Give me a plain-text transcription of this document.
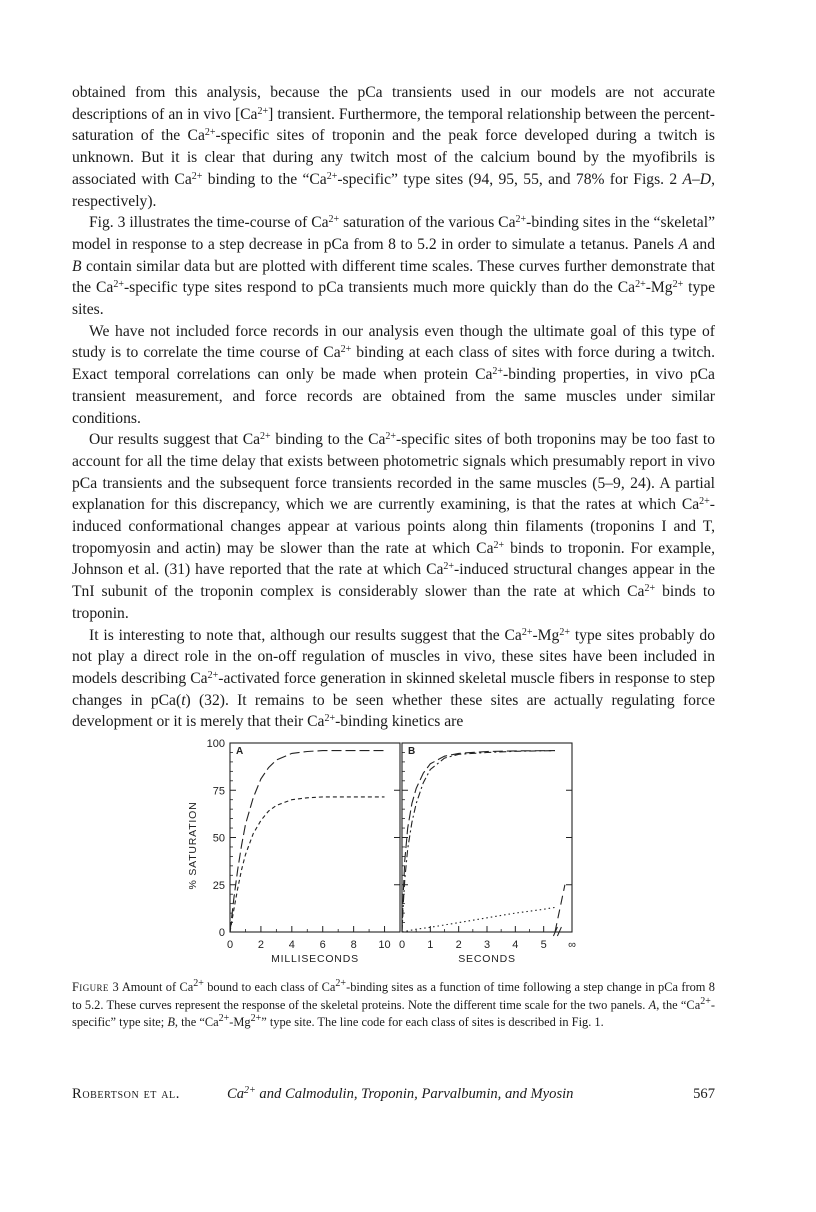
obtained from this analysis, because the pCa transients used in our models are not accurate descriptions of an in vivo $[Ca^{2+}]$ transient. Furthermore, the temporal relationship between the percent-saturation of the $Ca^{2+}$-specific sites of troponin and the peak force developed during a twitch is unknown. But it is clear that during any twitch most of the calcium bound by the myofibrils is associated with $Ca^{2+}$ binding to the “$Ca^{2+}$-specific” type sites (94, 95, 55, and 78% for Figs. 2 A–D, respectively).

Fig. 3 illustrates the time-course of $Ca^{2+}$ saturation of the various $Ca^{2+}$-binding sites in the “skeletal” model in response to a step decrease in pCa from 8 to 5.2 in order to simulate a tetanus. Panels A and B contain similar data but are plotted with different time scales. These curves further demonstrate that the $Ca^{2+}$-specific type sites respond to pCa transients much more quickly than do the $Ca^{2+}-Mg^{2+}$ type sites.

We have not included force records in our analysis even though the ultimate goal of this type of study is to correlate the time course of $Ca^{2+}$ binding at each class of sites with force during a twitch. Exact temporal correlations can only be made when protein $Ca^{2+}$-binding properties, in vivo pCa transient measurement, and force records are obtained from the same muscles under similar conditions.

Our results suggest that $Ca^{2+}$ binding to the $Ca^{2+}$-specific sites of both troponins may be too fast to account for all the time delay that exists between photometric signals which presumably report in vivo pCa transients and the subsequent force transients recorded in the same muscles (5–9, 24). A partial explanation for this discrepancy, which we are currently examining, is that the rates at which $Ca^{2+}$-induced conformational changes appear at various points along thin filaments (troponins I and T, tropomyosin and actin) may be slower than the rate at which $Ca^{2+}$ binds to troponin. For example, Johnson et al. (31) have reported that the rate at which $Ca^{2+}$-induced structural changes appear in the TnI subunit of the troponin complex is considerably slower than the rate at which $Ca^{2+}$ binds to troponin.

It is interesting to note that, although our results suggest that the $Ca^{2+}-Mg^{2+}$ type sites probably do not play a direct role in the on-off regulation of muscles in vivo, these sites have been included in models describing $Ca^{2+}$-activated force generation in skinned skeletal muscle fibers in response to step changes in pCa(t) (32). It remains to be seen whether these sites are actually regulating force development or it is merely that their $Ca^{2+}$-binding kinetics are

A
0
25
50
75
100
0 2 4 6 8 10
MILLISECONDS
% SATURATION
B
0 1 2 3 4 5 ∞
SECONDS
Figure 3 Amount of $Ca^{2+}$ bound to each class of $Ca^{2+}$-binding sites as a function of time following a step change in pCa from 8 to 5.2. These curves represent the response of the skeletal proteins. Note the different time scale for the two panels. A, the “$Ca^{2+}$-specific” type site; B, the “$Ca^{2+}-Mg^{2+}$” type site. The line code for each class of sites is described in Fig. 1.
Robertson et al.	$Ca^{2+}$ and Calmodulin, Troponin, Parvalbumin, and Myosin	567
